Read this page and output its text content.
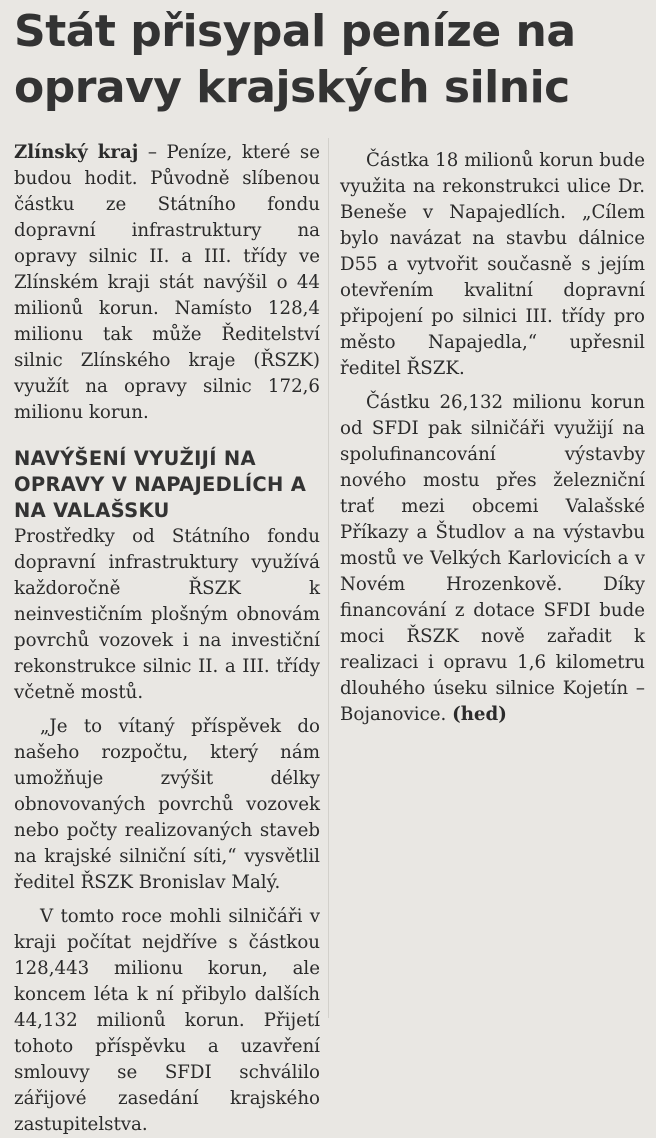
Stát přisypal peníze na opravy krajských silnic

Zlínský kraj – Peníze, které se budou hodit. Původně slíbenou částku ze Státního fondu dopravní infrastruktury na opravy silnic II. a III. třídy ve Zlínském kraji stát navýšil o 44 milionů korun. Namísto 128,4 milionu tak může Ředitelství silnic Zlínského kraje (ŘSZK) využít na opravy silnic 172,6 milionu korun.

NAVÝŠENÍ VYUŽIJÍ NA OPRAVY V NAPAJEDLÍCH A NA VALAŠSKU

Prostředky od Státního fondu dopravní infrastruktury využívá každoročně ŘSZK k neinvestičním plošným obnovám povrchů vozovek i na investiční rekonstrukce silnic II. a III. třídy včetně mostů.

„Je to vítaný příspěvek do našeho rozpočtu, který nám umožňuje zvýšit délky obnovovaných povrchů vozovek nebo počty realizovaných staveb na krajské silniční síti,“ vysvětlil ředitel ŘSZK Bronislav Malý.

V tomto roce mohli silničáři v kraji počítat nejdříve s částkou 128,443 milionu korun, ale koncem léta k ní přibylo dalších 44,132 milionů korun. Přijetí tohoto příspěvku a uzavření smlouvy se SFDI schválilo zářijové zasedání krajského zastupitelstva.

Částka 18 milionů korun bude využita na rekonstrukci ulice Dr. Beneše v Napajedlích. „Cílem bylo navázat na stavbu dálnice D55 a vytvořit současně s jejím otevřením kvalitní dopravní připojení po silnici III. třídy pro město Napajedla,“ upřesnil ředitel ŘSZK.

Částku 26,132 milionu korun od SFDI pak silničáři využijí na spolufinancování výstavby nového mostu přes železniční trať mezi obcemi Valašské Příkazy a Študlov a na výstavbu mostů ve Velkých Karlovicích a v Novém Hrozenkově. Díky financování z dotace SFDI bude moci ŘSZK nově zařadit k realizaci i opravu 1,6 kilometru dlouhého úseku silnice Kojetín – Bojanovice. (hed)
